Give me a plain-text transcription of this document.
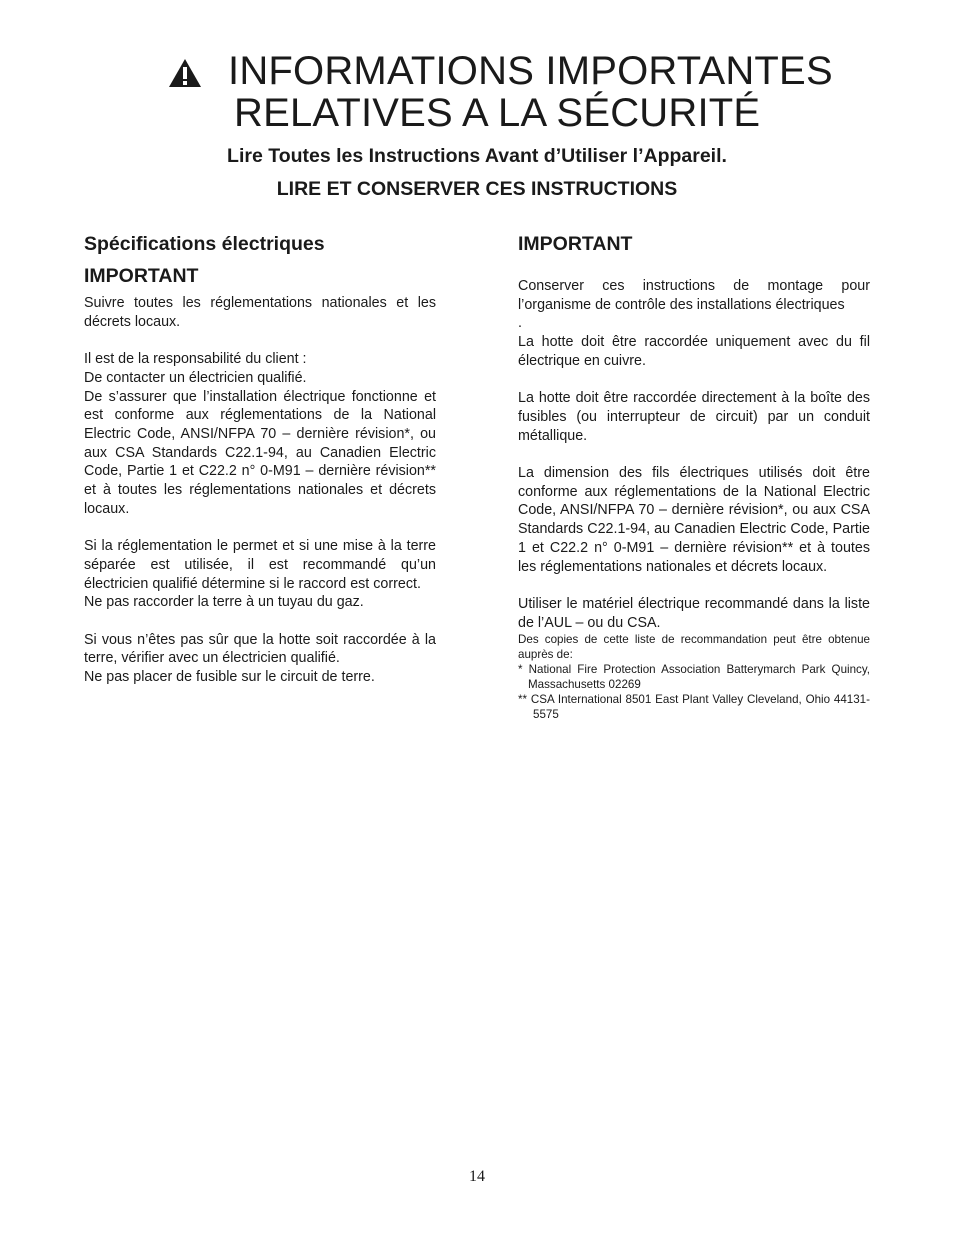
INFORMATIONS IMPORTANTES
RELATIVES A LA SÉCURITÉ
Lire Toutes les Instructions Avant d’Utiliser l’Appareil.
LIRE ET CONSERVER CES INSTRUCTIONS
Spécifications électriques
IMPORTANT

Suivre toutes les réglementations nationales et les décrets locaux.

Il est de la responsabilité du client :

De contacter un électricien qualifié.

De s’assurer que l’installation électrique fonctionne et est conforme aux réglementations de la National Electric Code, ANSI/NFPA 70 – dernière révision*, ou aux CSA Standards C22.1-94, au Canadien Electric Code, Partie 1 et C22.2 n° 0-M91 – dernière révision** et à toutes les réglementations nationales et décrets locaux.

Si la réglementation le permet et si une mise à la terre séparée est utilisée, il est recommandé qu’un électricien qualifié détermine si le raccord est correct.

Ne pas raccorder la terre à un tuyau du gaz.

Si vous n’êtes pas sûr que la hotte soit raccordée à la terre, vérifier avec un électricien qualifié.

Ne pas placer de fusible sur le circuit de terre.

IMPORTANT

Conserver ces instructions de montage pour l’organisme de contrôle des installations électriques

.

La hotte doit être raccordée uniquement avec du fil électrique en cuivre.

La hotte doit être raccordée directement à la boîte des fusibles (ou interrupteur de circuit) par un conduit métallique.

La dimension des fils électriques utilisés doit être conforme aux réglementations de la National Electric Code, ANSI/NFPA 70 – dernière révision*, ou aux CSA Standards C22.1-94, au Canadien Electric Code, Partie 1 et C22.2 n° 0-M91 – dernière révision** et à toutes les réglementations nationales et décrets locaux.

Utiliser le matériel électrique recommandé dans la liste de l’AUL – ou du CSA.

Des copies de cette liste de recommandation peut être obtenue auprès de:

* National Fire Protection Association Batterymarch Park Quincy, Massachusetts 02269

** CSA International 8501 East Plant Valley Cleveland, Ohio 44131-5575

14
